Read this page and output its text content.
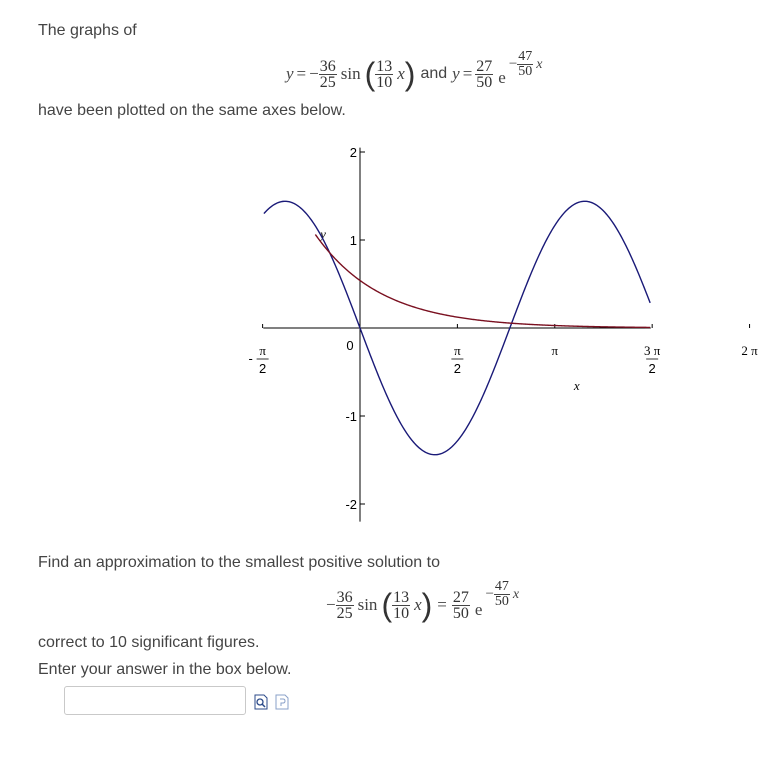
The graphs of
y = − $\frac{36}{25}$ sin ( $\frac{13}{10}$ x ) and $y = \frac{27}{50}$ e
− $\frac{47}{50}$ x
have been plotted on the same axes below.
2
1
-1
-2
0
-
π
2
π
2
π	3 π
2
2 π
x
y
Find an approximation to the smallest positive solution to
− $\frac{36}{25}$ sin ( $\frac{13}{10}$ x ) = $\frac{27}{50}$ e
− $\frac{47}{50}$ x
correct to 10 significant figures.
Enter your answer in the box below.
